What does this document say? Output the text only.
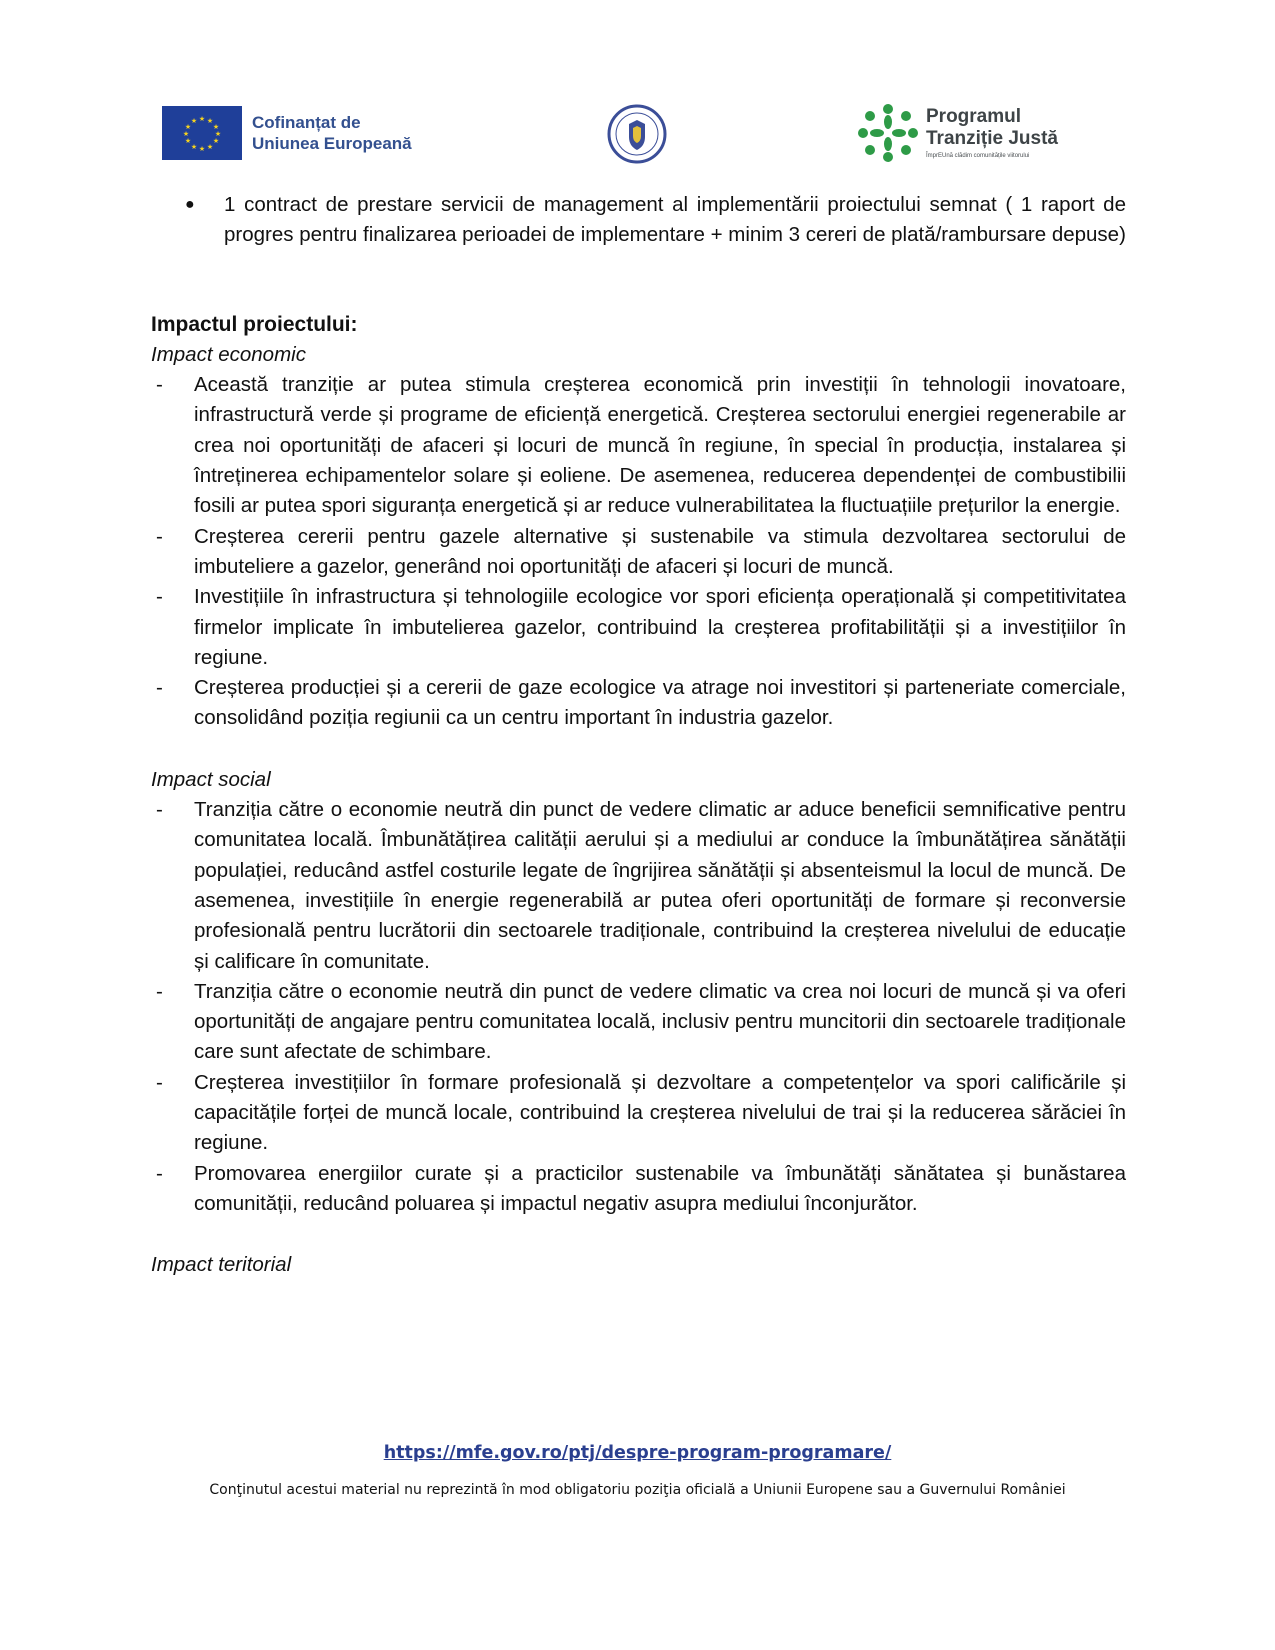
★ ★
★
★
★
★
★
★
★
★
★
★	Cofinanțat de
Uniunea Europeană
Programul
Tranziție Justă
ÎmprEUnă clădim comunitățile viitorului

● 1 contract de prestare servicii de management al implementării proiectului semnat ( 1 raport de progres pentru finalizarea perioadei de implementare + minim 3 cereri de plată/rambursare depuse)

Impactul proiectului:
Impact economic
- Această tranziție ar putea stimula creșterea economică prin investiții în tehnologii inovatoare, infrastructură verde și programe de eficiență energetică. Creșterea sectorului energiei regenerabile ar crea noi oportunități de afaceri și locuri de muncă în regiune, în special în producția, instalarea și întreținerea echipamentelor solare și eoliene. De asemenea, reducerea dependenței de combustibilii fosili ar putea spori siguranța energetică și ar reduce vulnerabilitatea la fluctuațiile prețurilor la energie.
- Creșterea cererii pentru gazele alternative și sustenabile va stimula dezvoltarea sectorului de imbuteliere a gazelor, generând noi oportunități de afaceri și locuri de muncă.
- Investițiile în infrastructura și tehnologiile ecologice vor spori eficiența operațională și competitivitatea firmelor implicate în imbutelierea gazelor, contribuind la creșterea profitabilității și a investițiilor în regiune.
- Creșterea producției și a cererii de gaze ecologice va atrage noi investitori și parteneriate comerciale, consolidând poziția regiunii ca un centru important în industria gazelor.
Impact social
- Tranziția către o economie neutră din punct de vedere climatic ar aduce beneficii semnificative pentru comunitatea locală. Îmbunătățirea calității aerului și a mediului ar conduce la îmbunătățirea sănătății populației, reducând astfel costurile legate de îngrijirea sănătății și absenteismul la locul de muncă. De asemenea, investițiile în energie regenerabilă ar putea oferi oportunități de formare și reconversie profesională pentru lucrătorii din sectoarele tradiționale, contribuind la creșterea nivelului de educație și calificare în comunitate.
- Tranziția către o economie neutră din punct de vedere climatic va crea noi locuri de muncă și va oferi oportunități de angajare pentru comunitatea locală, inclusiv pentru muncitorii din sectoarele tradiționale care sunt afectate de schimbare.
- Creșterea investițiilor în formare profesională și dezvoltare a competențelor va spori calificările și capacitățile forței de muncă locale, contribuind la creșterea nivelului de trai și la reducerea sărăciei în regiune.
- Promovarea energiilor curate și a practicilor sustenabile va îmbunătăți sănătatea și bunăstarea comunității, reducând poluarea și impactul negativ asupra mediului înconjurător.
Impact teritorial
https://mfe.gov.ro/ptj/despre-program-programare/
Conţinutul acestui material nu reprezintă în mod obligatoriu poziţia oficială a Uniunii Europene sau a Guvernului României
